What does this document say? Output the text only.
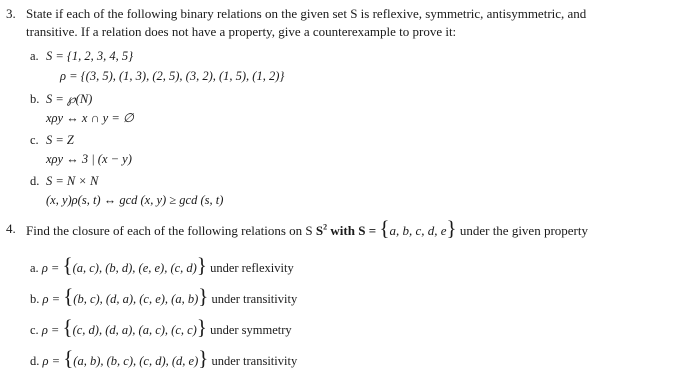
3. State if each of the following binary relations on the given set S is reflexive, symmetric, antisymmetric, and
transitive. If a relation does not have a property, give a counterexample to prove it:
a. S = {1, 2, 3, 4, 5}
ρ = {(3, 5), (1, 3), (2, 5), (3, 2), (1, 5), (1, 2)}
b. S = ℘(N)
xρy ↔ x ∩ y = ∅
c. S = Z
xρy ↔ 3 | (x − y)
d. S = N × N
(x, y)ρ(s, t) ↔ gcd (x, y) ≥ gcd (s, t)
4. Find the closure of each of the following relations on S $S^2$ with S = {a, b, c, d, e} under the given property
a. ρ = {(a, c), (b, d), (e, e), (c, d)} under reflexivity
b. ρ = {(b, c), (d, a), (c, e), (a, b)} under transitivity
c. ρ = {(c, d), (d, a), (a, c), (c, c)} under symmetry
d. ρ = {(a, b), (b, c), (c, d), (d, e)} under transitivity
